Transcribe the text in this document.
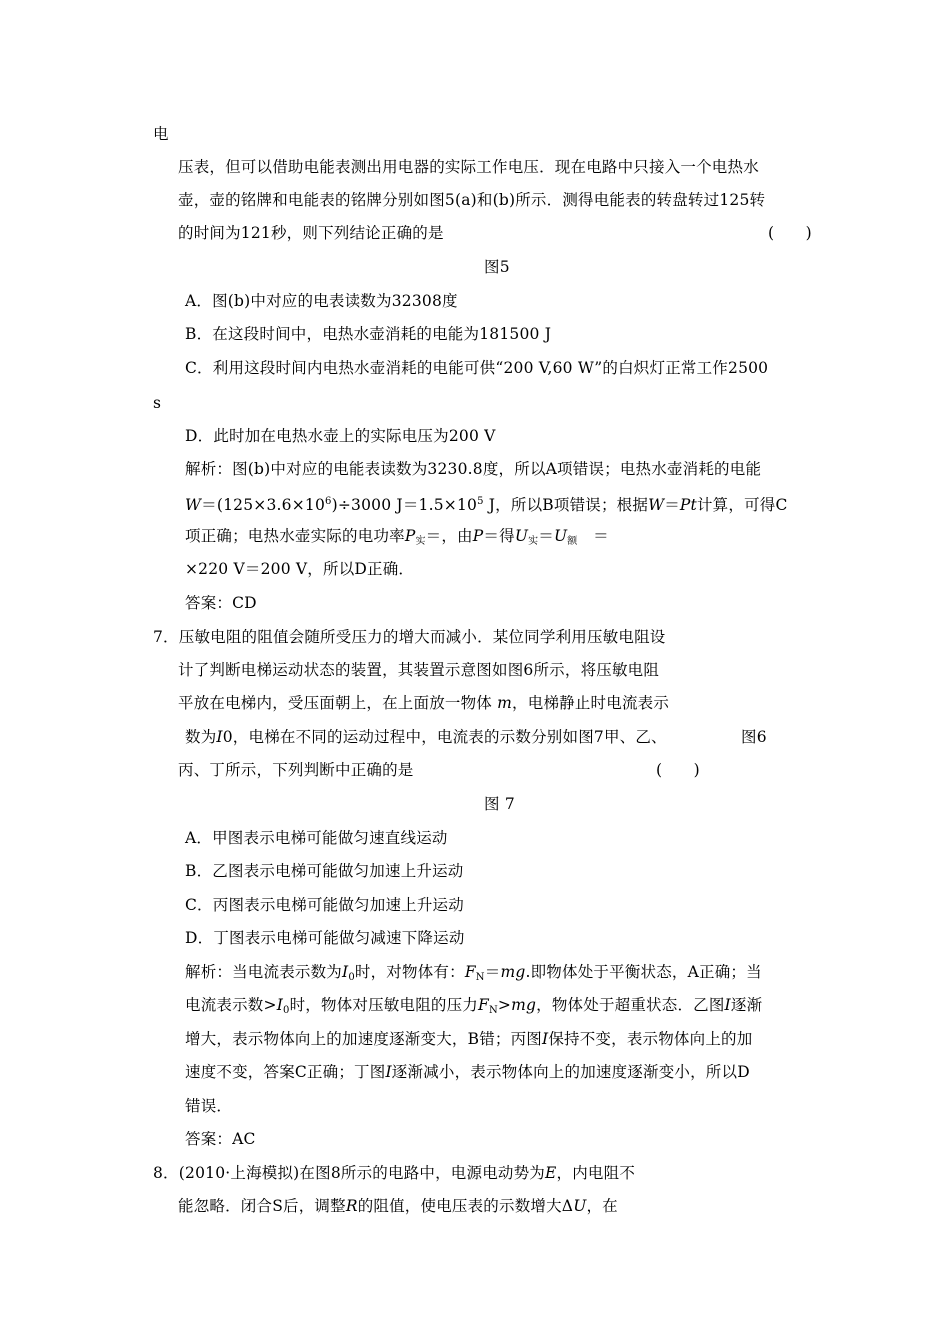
电
压表，但可以借助电能表测出用电器的实际工作电压．现在电路中只接入一个电热水
壶，壶的铭牌和电能表的铭牌分别如图5(a)和(b)所示．测得电能表的转盘转过125转
的时间为121秒，则下列结论正确的是	(　　)
图5
A．图(b)中对应的电表读数为32308度
B．在这段时间中，电热水壶消耗的电能为181500 J
C．利用这段时间内电热水壶消耗的电能可供“200 V,60 W”的白炽灯正常工作2500
s
D．此时加在电热水壶上的实际电压为200 V
解析：图(b)中对应的电能表读数为3230.8度，所以A项错误；电热水壶消耗的电能
$W=(125\times 3.6\times 10^6)\div 3000$ $J=1.5\times 10^5$ J，所以B项错误；根据W＝Pt计算，可得C
项正确；电热水壶实际的电功率$P_实=$，由P＝得$U_实=U_额$　＝
×220 V＝200 V，所以D正确．
答案：CD
7．压敏电阻的阻值会随所受压力的增大而减小．某位同学利用压敏电阻设
计了判断电梯运动状态的装置，其装置示意图如图6所示，将压敏电阻
平放在电梯内，受压面朝上，在上面放一物体 m，电梯静止时电流表示
数为I0，电梯在不同的运动过程中，电流表的示数分别如图7甲、乙、	图6
丙、丁所示，下列判断中正确的是	(　　)
图 7
A．甲图表示电梯可能做匀速直线运动
B．乙图表示电梯可能做匀加速上升运动
C．丙图表示电梯可能做匀加速上升运动
D．丁图表示电梯可能做匀减速下降运动
解析：当电流表示数为$I_0$时，对物体有：$F_N=mg$.即物体处于平衡状态，A正确；当
电流表示数$>I_0$时，物体对压敏电阻的压力$F_N>mg$，物体处于超重状态．乙图I逐渐
增大，表示物体向上的加速度逐渐变大，B错；丙图I保持不变，表示物体向上的加
速度不变，答案C正确；丁图I逐渐减小，表示物体向上的加速度逐渐变小，所以D
错误．
答案：AC
8．(2010·上海模拟)在图8所示的电路中，电源电动势为E，内电阻不
能忽略．闭合S后，调整R的阻值，使电压表的示数增大ΔU，在
